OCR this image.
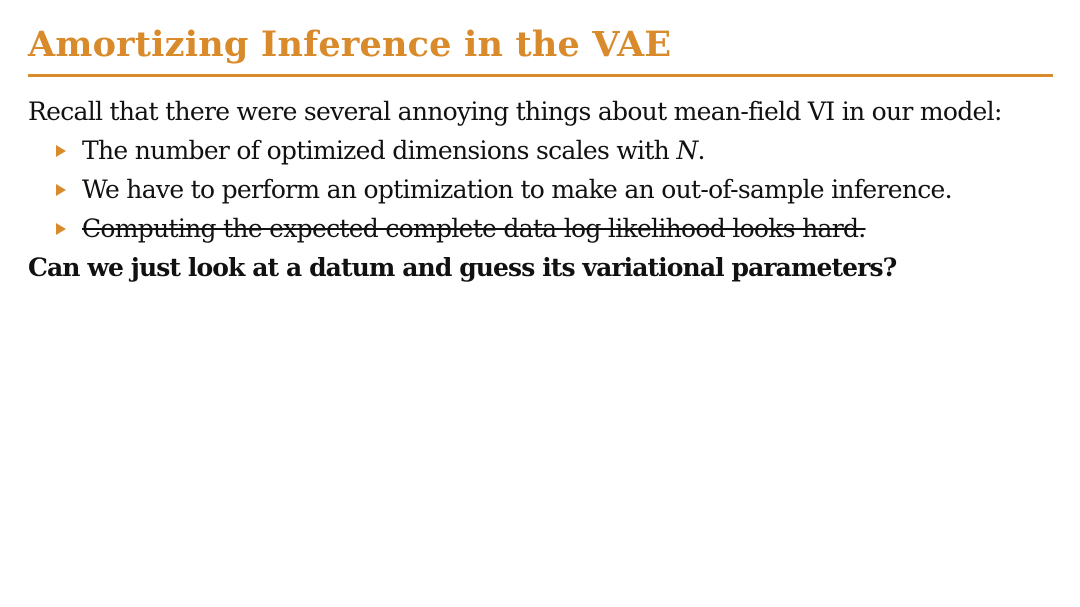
Amortizing Inference in the VAE
Recall that there were several annoying things about mean-field VI in our model:
The number of optimized dimensions scales with N.
We have to perform an optimization to make an out-of-sample inference.
Computing the expected complete data log likelihood looks hard.
Can we just look at a datum and guess its variational parameters?
